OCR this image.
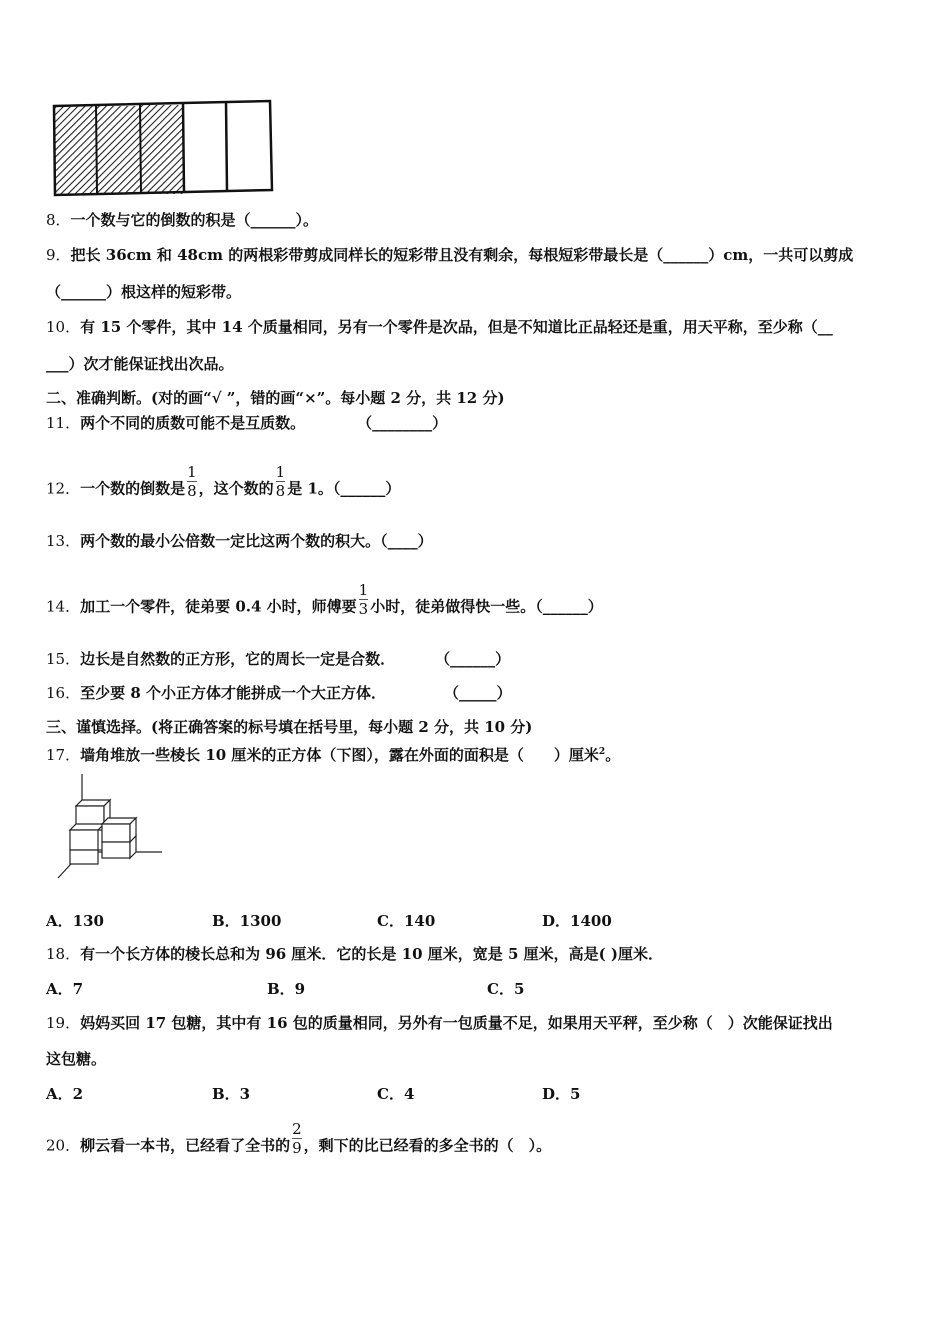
8．一个数与它的倒数的积是（______）。
9．把长 36cm 和 48cm 的两根彩带剪成同样长的短彩带且没有剩余，每根短彩带最长是（______）cm，一共可以剪成
（______）根这样的短彩带。
10．有 15 个零件，其中 14 个质量相同，另有一个零件是次品，但是不知道比正品轻还是重，用天平称，至少称（__
___）次才能保证找出次品。
二、准确判断。(对的画“√ ”，错的画“×”。每小题 2 分，共 12 分)
11．两个不同的质数可能不是互质数。	（________）
12．一个数的倒数是 $\frac{1}{8}$ ，这个数的 $\frac{1}{8}$ 是 1。（______）
13．两个数的最小公倍数一定比这两个数的积大。（____）
14．加工一个零件，徒弟要 0.4 小时，师傅要 $\frac{1}{3}$ 小时，徒弟做得快一些。（______）
15．边长是自然数的正方形，它的周长一定是合数．	（______）
16．至少要 8 个小正方体才能拼成一个大正方体．	（_____）
三、谨慎选择。(将正确答案的标号填在括号里，每小题 2 分，共 10 分)
17．墙角堆放一些棱长 10 厘米的正方体（下图），露在外面的面积是（　　）厘米$^2$。
A．130	B．1300	C．140	D．1400
18．有一个长方体的棱长总和为 96 厘米．它的长是 10 厘米，宽是 5 厘米，高是( )厘米．
A．7	B．9	C．5
19．妈妈买回 17 包糖，其中有 16 包的质量相同，另外有一包质量不足，如果用天平秤，至少称（　）次能保证找出
这包糖。
A．2	B．3	C．4	D．5
20．柳云看一本书，已经看了全书的 $\frac{2}{9}$ ，剩下的比已经看的多全书的（　）。
